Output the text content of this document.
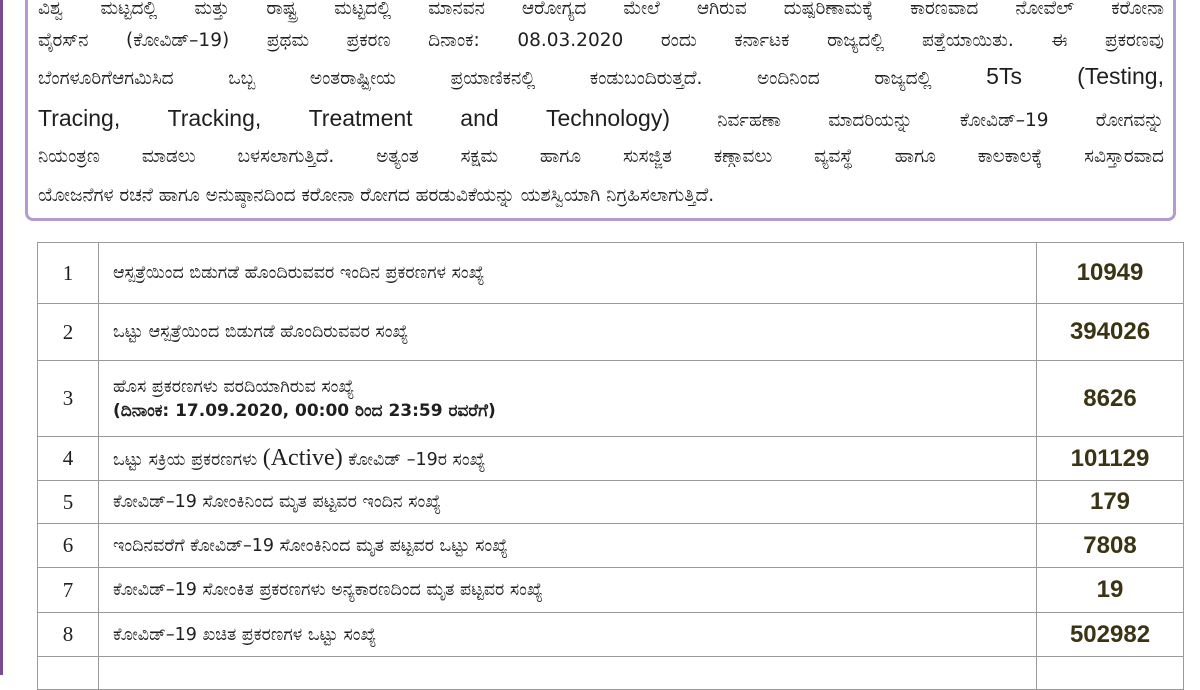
ವಿಶ್ವ ಮಟ್ಟದಲ್ಲಿ ಮತ್ತು ರಾಷ್ಟ್ರ ಮಟ್ಟದಲ್ಲಿ ಮಾನವನ ಆರೋಗ್ಯದ ಮೇಲೆ ಆಗಿರುವ ದುಷ್ಪರಿಣಾಮಕ್ಕೆ ಕಾರಣವಾದ ನೋವೆಲ್ ಕರೋನಾ
ವೈರಸ್‌ನ (ಕೋವಿಡ್–19) ಪ್ರಥಮ ಪ್ರಕರಣ ದಿನಾಂಕ: 08.03.2020 ರಂದು ಕರ್ನಾಟಕ ರಾಜ್ಯದಲ್ಲಿ ಪತ್ತೆಯಾಯಿತು. ಈ ಪ್ರಕರಣವು
ಬೆಂಗಳೂರಿಗೆಆಗಮಿಸಿದ ಒಬ್ಬ ಅಂತರಾಷ್ಟ್ರೀಯ ಪ್ರಯಾಣಿಕನಲ್ಲಿ ಕಂಡುಬಂದಿರುತ್ತದೆ. ಅಂದಿನಿಂದ ರಾಜ್ಯದಲ್ಲಿ 5Ts (Testing,
Tracing, Tracking, Treatment and Technology) ನಿರ್ವಹಣಾ ಮಾದರಿಯನ್ನು ಕೋವಿಡ್–19 ರೋಗವನ್ನು
ನಿಯಂತ್ರಣ ಮಾಡಲು ಬಳಸಲಾಗುತ್ತಿದೆ. ಅತ್ಯಂತ ಸಕ್ಷಮ ಹಾಗೂ ಸುಸಜ್ಜಿತ ಕಣ್ಗಾವಲು ವ್ಯವಸ್ಥೆ ಹಾಗೂ ಕಾಲಕಾಲಕ್ಕೆ ಸವಿಸ್ತಾರವಾದ
ಯೋಜನೆಗಳ ರಚನೆ ಹಾಗೂ ಅನುಷ್ಠಾನದಿಂದ ಕರೋನಾ ರೋಗದ ಹರಡುವಿಕೆಯನ್ನು ಯಶಸ್ವಿಯಾಗಿ ನಿಗ್ರಹಿಸಲಾಗುತ್ತಿದೆ.
1	ಆಸ್ಪತ್ರೆಯಿಂದ ಬಿಡುಗಡೆ ಹೊಂದಿರುವವರ ಇಂದಿನ ಪ್ರಕರಣಗಳ ಸಂಖ್ಯೆ	10949
2	ಒಟ್ಟು ಆಸ್ಪತ್ರೆಯಿಂದ ಬಿಡುಗಡೆ ಹೊಂದಿರುವವರ ಸಂಖ್ಯೆ	394026
3	ಹೊಸ ಪ್ರಕರಣಗಳು ವರದಿಯಾಗಿರುವ ಸಂಖ್ಯೆ
(ದಿನಾಂಕ: 17.09.2020, 00:00 ರಿಂದ 23:59 ರವರೆಗೆ)	8626
4	ಒಟ್ಟು ಸಕ್ರಿಯ ಪ್ರಕರಣಗಳು (Active) ಕೋವಿಡ್ –19ರ ಸಂಖ್ಯೆ	101129
5	ಕೋವಿಡ್–19 ಸೋಂಕಿನಿಂದ ಮೃತ ಪಟ್ಟವರ ಇಂದಿನ ಸಂಖ್ಯೆ	179
6	ಇಂದಿನವರೆಗೆ ಕೋವಿಡ್–19 ಸೋಂಕಿನಿಂದ ಮೃತ ಪಟ್ಟವರ ಒಟ್ಟು ಸಂಖ್ಯೆ	7808
7	ಕೋವಿಡ್–19 ಸೋಂಕಿತ ಪ್ರಕರಣಗಳು ಅನ್ಯಕಾರಣದಿಂದ ಮೃತ ಪಟ್ಟವರ ಸಂಖ್ಯೆ	19
8	ಕೋವಿಡ್–19 ಖಚಿತ ಪ್ರಕರಣಗಳ ಒಟ್ಟು ಸಂಖ್ಯೆ	502982
